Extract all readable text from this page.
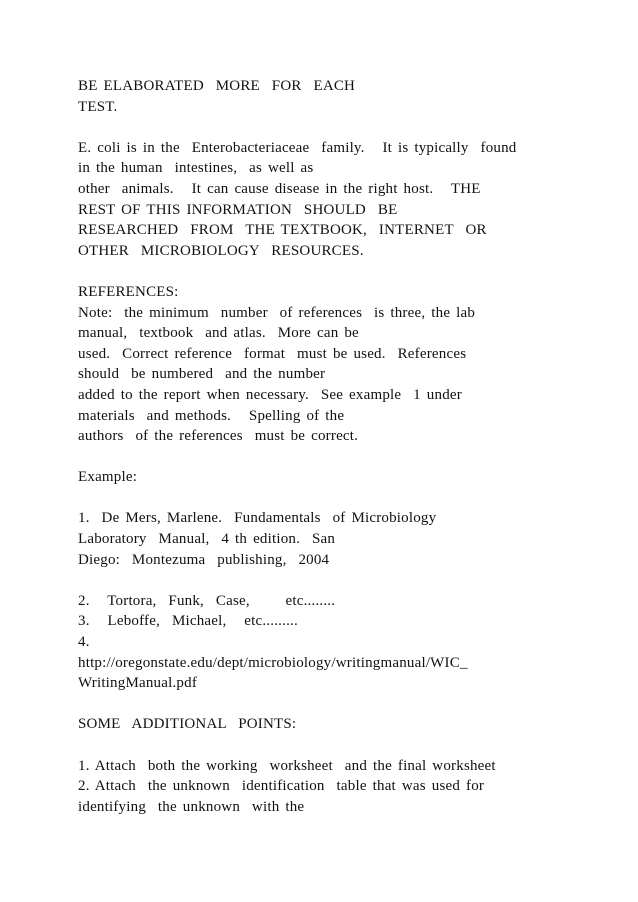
BE ELABORATED  MORE  FOR  EACH
TEST.
E. coli is in the  Enterobacteriaceae  family.   It is typically  found
in the human  intestines,  as well as
other  animals.   It can cause disease in the right host.   THE
REST OF THIS INFORMATION  SHOULD  BE
RESEARCHED  FROM  THE TEXTBOOK,  INTERNET  OR
OTHER  MICROBIOLOGY  RESOURCES.
REFERENCES:
Note:  the minimum  number  of references  is three, the lab
manual,  textbook  and atlas.  More can be
used.  Correct reference  format  must be used.  References
should  be numbered  and the number
added to the report when necessary.  See example  1 under
materials  and methods.   Spelling of the
authors  of the references  must be correct.
Example:
1.  De Mers, Marlene.  Fundamentals  of Microbiology
Laboratory  Manual,  4 th edition.  San
Diego:  Montezuma  publishing,  2004
2.   Tortora,  Funk,  Case,      etc........
3.   Leboffe,  Michael,   etc.........
4.
http://oregonstate.edu/dept/microbiology/writingmanual/WIC_
WritingManual.pdf
SOME  ADDITIONAL  POINTS:
1. Attach  both the working  worksheet  and the final worksheet
2. Attach  the unknown  identification  table that was used for
identifying  the unknown  with the
